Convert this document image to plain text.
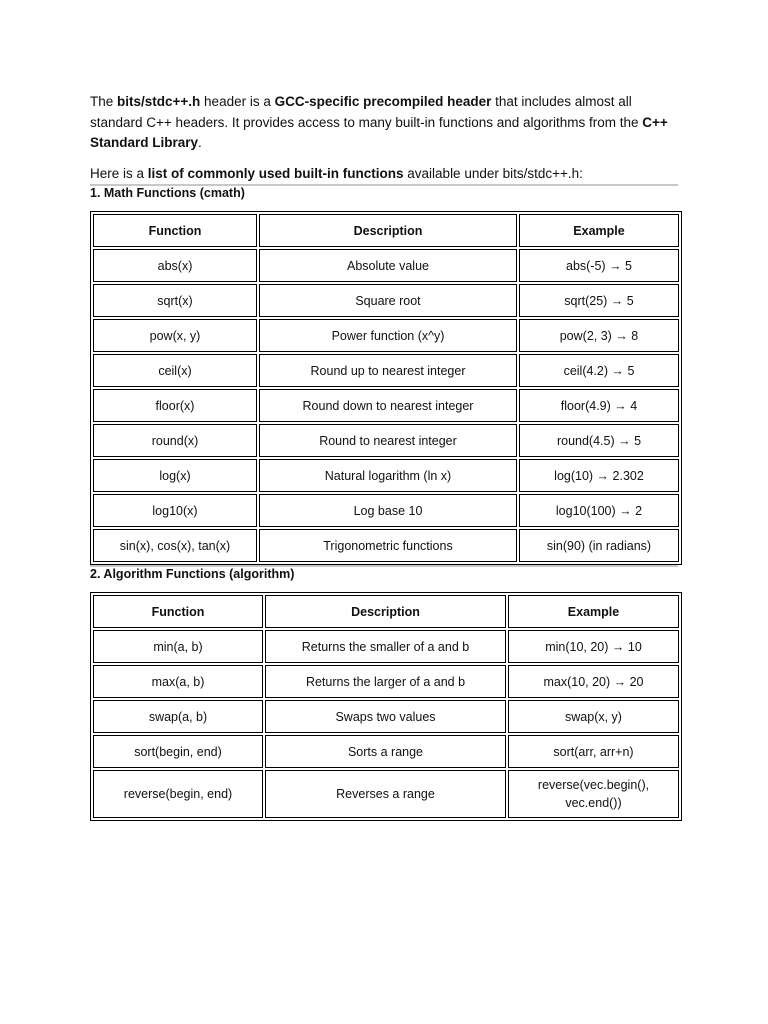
The bits/stdc++.h header is a GCC-specific precompiled header that includes almost all standard C++ headers. It provides access to many built-in functions and algorithms from the C++ Standard Library.

Here is a list of commonly used built-in functions available under bits/stdc++.h:

1. Math Functions (cmath)
Function	Description	Example
abs(x)	Absolute value	abs(-5) → 5
sqrt(x)	Square root	sqrt(25) → 5
pow(x, y)	Power function (x^y)	pow(2, 3) → 8
ceil(x)	Round up to nearest integer	ceil(4.2) → 5
floor(x)	Round down to nearest integer	floor(4.9) → 4
round(x)	Round to nearest integer	round(4.5) → 5
log(x)	Natural logarithm (ln x)	log(10) → 2.302
log10(x)	Log base 10	log10(100) → 2
sin(x), cos(x), tan(x)	Trigonometric functions	sin(90) (in radians)
2. Algorithm Functions (algorithm)
Function	Description	Example
min(a, b)	Returns the smaller of a and b	min(10, 20) → 10
max(a, b)	Returns the larger of a and b	max(10, 20) → 20
swap(a, b)	Swaps two values	swap(x, y)
sort(begin, end)	Sorts a range	sort(arr, arr+n)
reverse(begin, end)	Reverses a range	reverse(vec.begin(), vec.end())
